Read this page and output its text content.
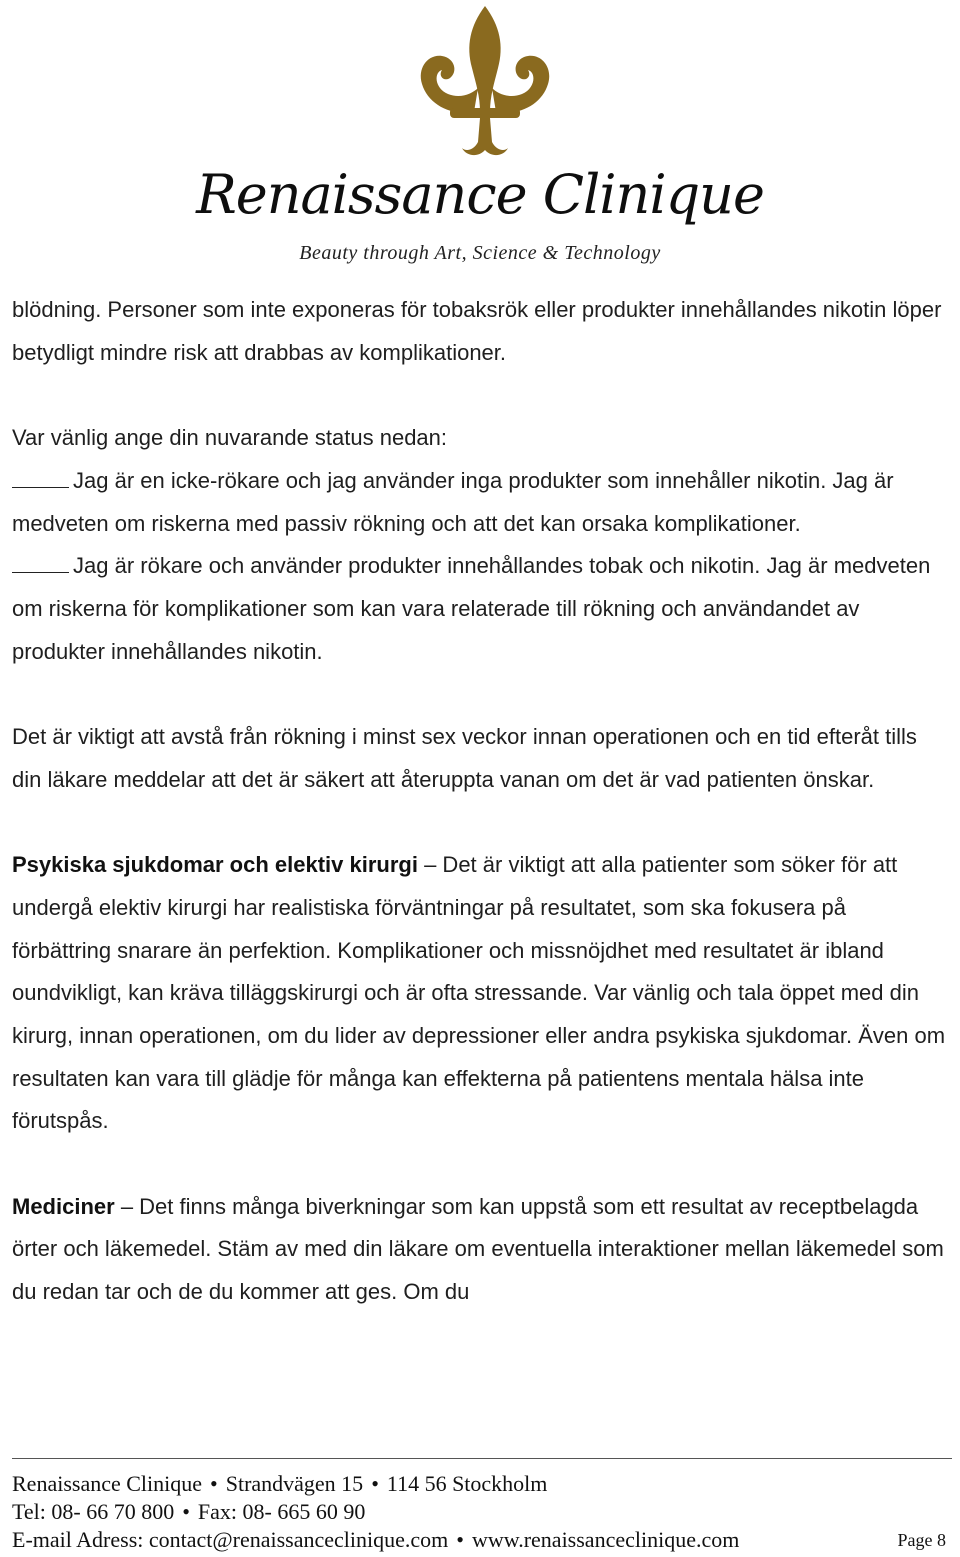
Renaissance Clinique
Beauty through Art, Science & Technology

blödning. Personer som inte exponeras för tobaksrök eller produkter innehållandes nikotin löper betydligt mindre risk att drabbas av komplikationer.

Var vänlig ange din nuvarande status nedan:

Jag är en icke-rökare och jag använder inga produkter som innehåller nikotin. Jag är medveten om riskerna med passiv rökning och att det kan orsaka komplikationer.

Jag är rökare och använder produkter innehållandes tobak och nikotin. Jag är medveten om riskerna för komplikationer som kan vara relaterade till rökning och användandet av produkter innehållandes nikotin.

Det är viktigt att avstå från rökning i minst sex veckor innan operationen och en tid efteråt tills din läkare meddelar att det är säkert att återuppta vanan om det är vad patienten önskar.

Psykiska sjukdomar och elektiv kirurgi – Det är viktigt att alla patienter som söker för att undergå elektiv kirurgi har realistiska förväntningar på resultatet, som ska fokusera på förbättring snarare än perfektion. Komplikationer och missnöjdhet med resultatet är ibland oundvikligt, kan kräva tilläggskirurgi och är ofta stressande. Var vänlig och tala öppet med din kirurg, innan operationen, om du lider av depressioner eller andra psykiska sjukdomar. Även om resultaten kan vara till glädje för många kan effekterna på patientens mentala hälsa inte förutspås.

Mediciner – Det finns många biverkningar som kan uppstå som ett resultat av receptbelagda örter och läkemedel. Stäm av med din läkare om eventuella interaktioner mellan läkemedel som du redan tar och de du kommer att ges. Om du

Renaissance Clinique • Strandvägen 15 • 114 56 Stockholm
Tel: 08- 66 70 800 • Fax: 08- 665 60 90
E-mail Adress: contact@renaissanceclinique.com • www.renaissanceclinique.com	Page 8
